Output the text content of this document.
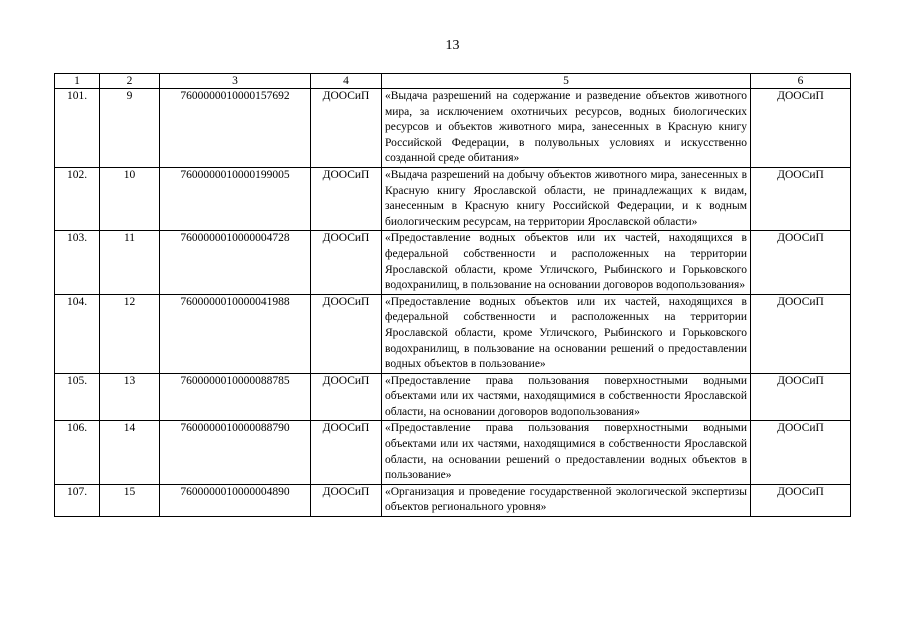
13
1	2	3	4	5	6
101.	9	7600000010000157692	ДООСиП	«Выдача разрешений на содержание и разведение объектов животного мира, за исключением охотничьих ресурсов, водных биологических ресурсов и объектов животного мира, занесенных в Красную книгу Российской Федерации, в полувольных условиях и искусственно созданной среде обитания»	ДООСиП
102.	10	7600000010000199005	ДООСиП	«Выдача разрешений на добычу объектов животного мира, занесенных в Красную книгу Ярославской области, не принадлежащих к видам, занесенным в Красную книгу Российской Федерации, и к водным биологическим ресурсам, на территории Ярославской области»	ДООСиП
103.	11	7600000010000004728	ДООСиП	«Предоставление водных объектов или их частей, находящихся в федеральной собственности и расположенных на территории Ярославской области, кроме Угличского, Рыбинского и Горьковского водохранилищ, в пользование на основании договоров водопользования»	ДООСиП
104.	12	7600000010000041988	ДООСиП	«Предоставление водных объектов или их частей, находящихся в федеральной собственности и расположенных на территории Ярославской области, кроме Угличского, Рыбинского и Горьковского водохранилищ, в пользование на основании решений о предоставлении водных объектов в пользование»	ДООСиП
105.	13	7600000010000088785	ДООСиП	«Предоставление права пользования поверхностными водными объектами или их частями, находящимися в собственности Ярославской области, на основании договоров водопользования»	ДООСиП
106.	14	7600000010000088790	ДООСиП	«Предоставление права пользования поверхностными водными объектами или их частями, находящимися в собственности Ярославской области, на основании решений о предоставлении водных объектов в пользование»	ДООСиП
107.	15	7600000010000004890	ДООСиП	«Организация и проведение государственной экологической экспертизы объектов регионального уровня»	ДООСиП
